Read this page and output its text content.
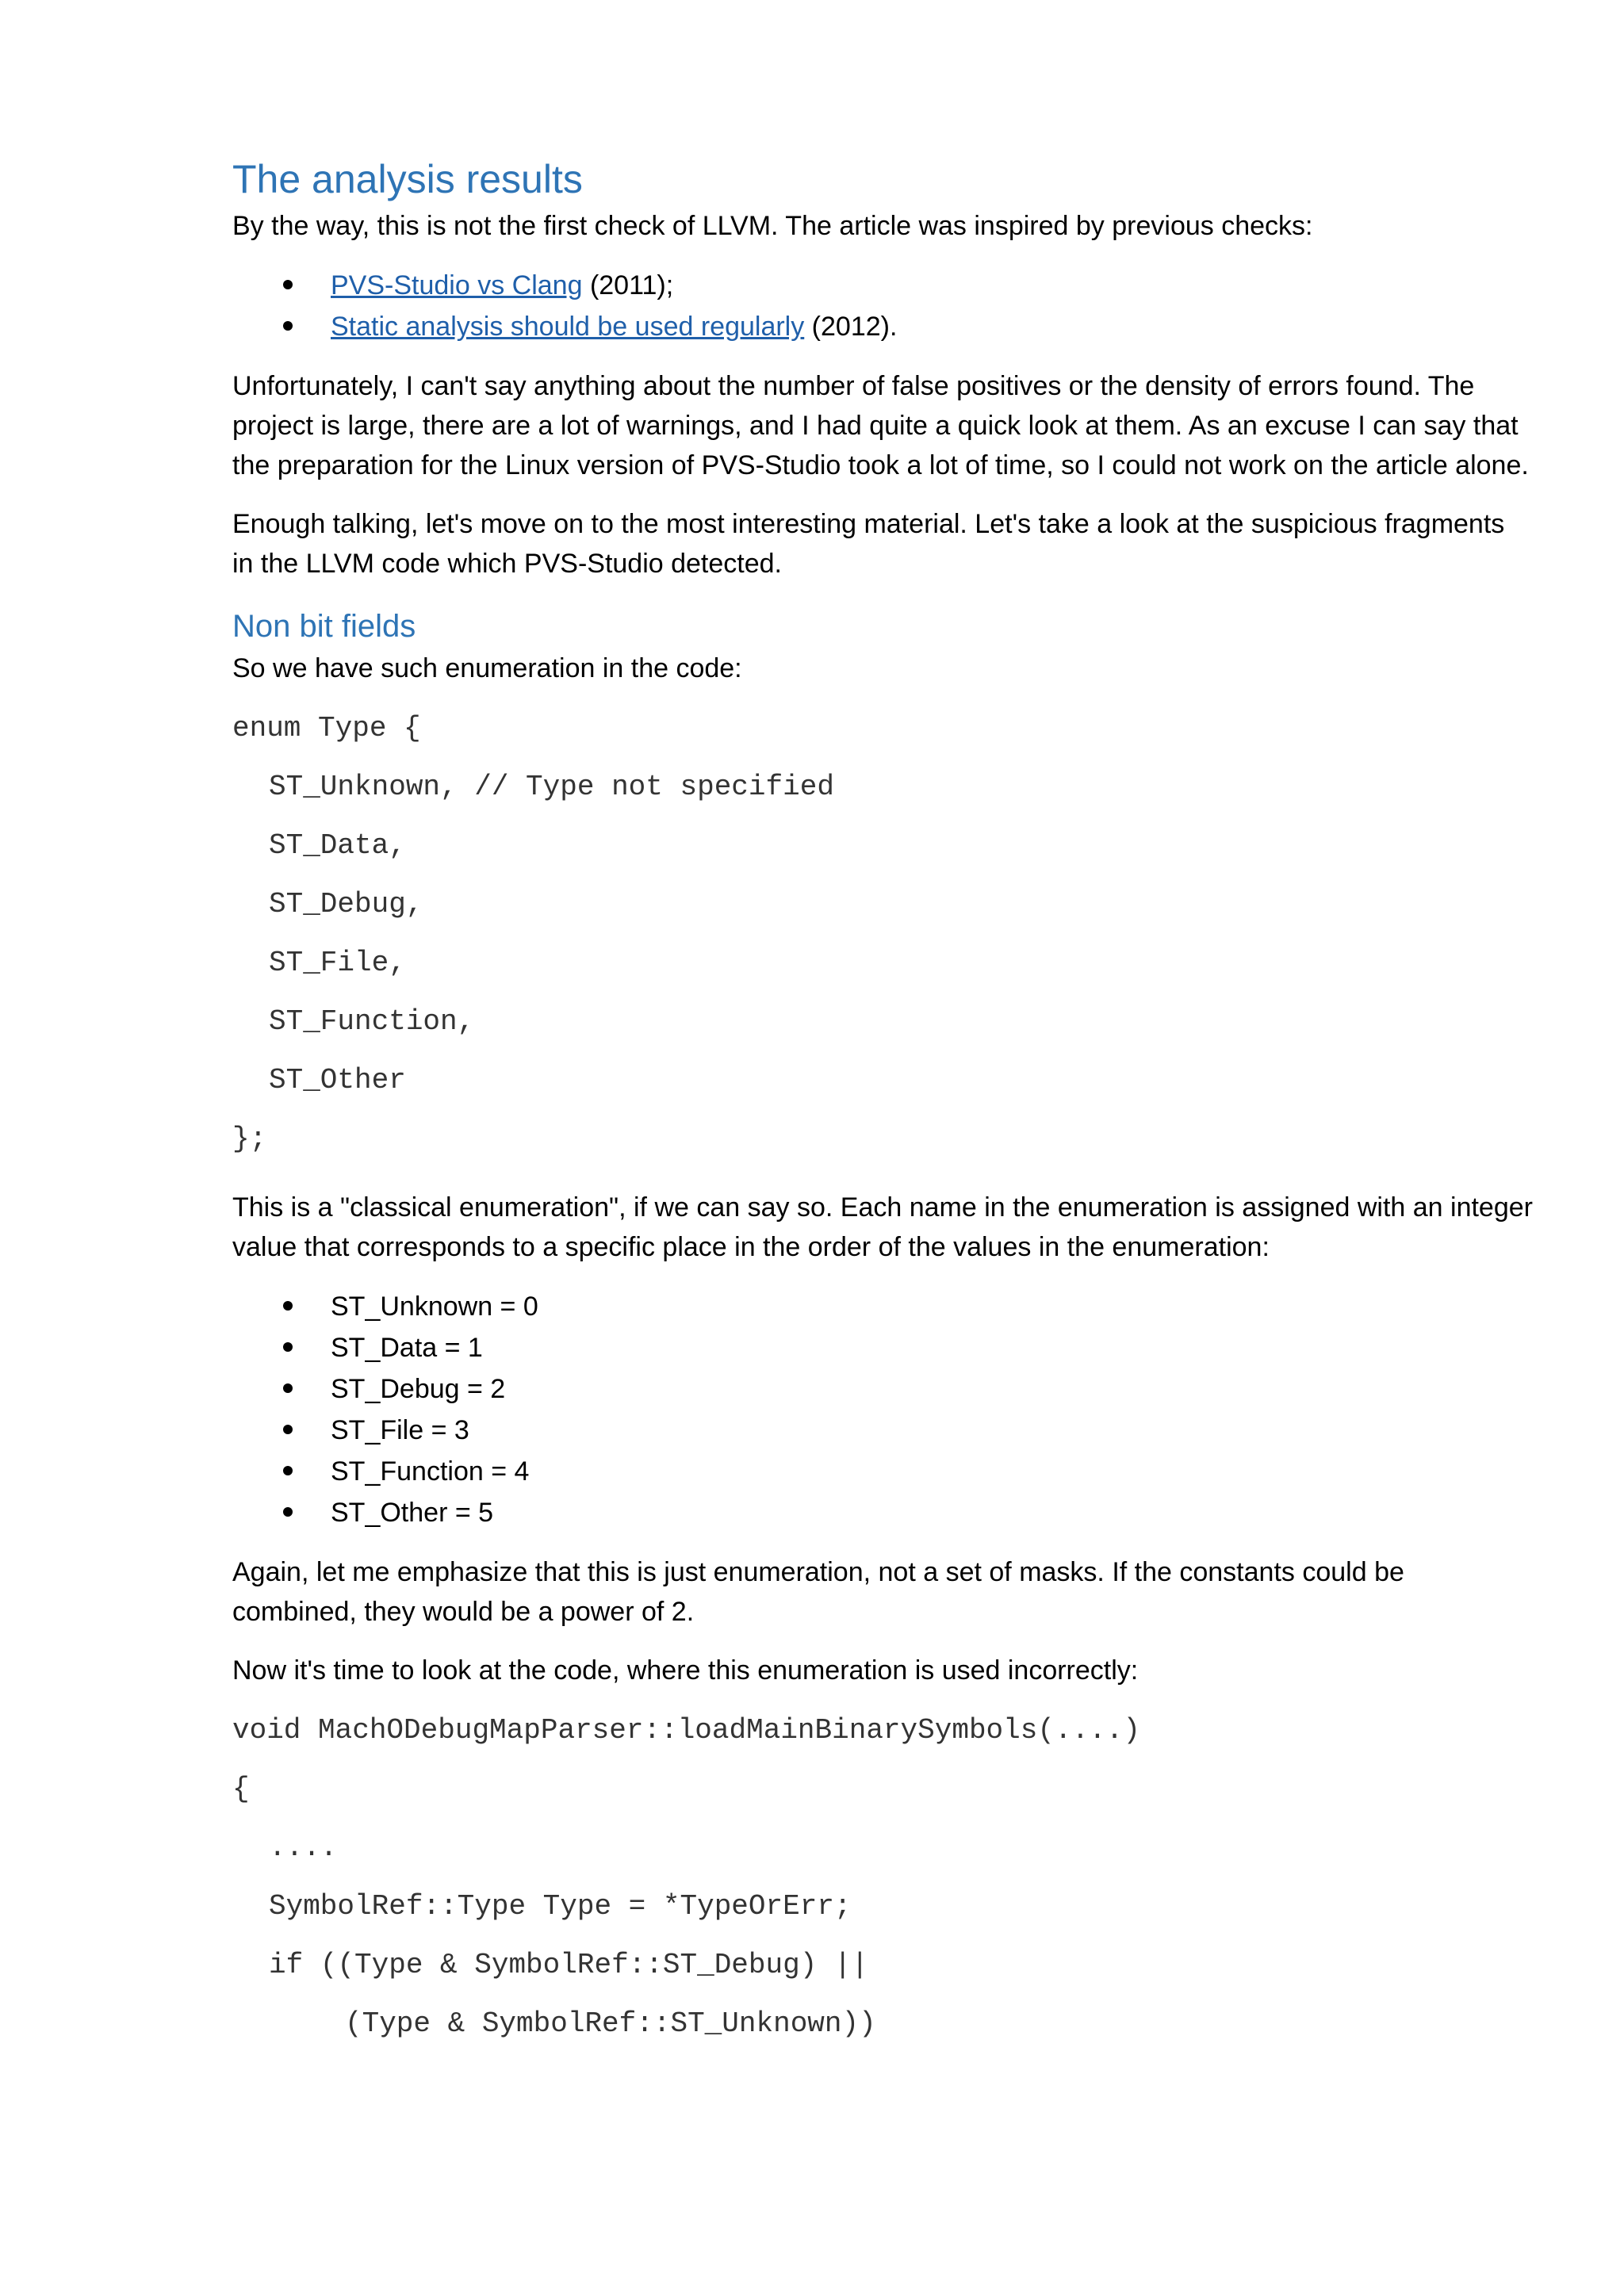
The analysis results

By the way, this is not the first check of LLVM. The article was inspired by previous checks:

PVS-Studio vs Clang (2011);
Static analysis should be used regularly (2012).

Unfortunately, I can't say anything about the number of false positives or the density of errors found. The project is large, there are a lot of warnings, and I had quite a quick look at them. As an excuse I can say that the preparation for the Linux version of PVS-Studio took a lot of time, so I could not work on the article alone.

Enough talking, let's move on to the most interesting material. Let's take a look at the suspicious fragments in the LLVM code which PVS-Studio detected.

Non bit fields

So we have such enumeration in the code:

enum Type {
ST_Unknown, // Type not specified
ST_Data,
ST_Debug,
ST_File,
ST_Function,
ST_Other
};

This is a "classical enumeration", if we can say so. Each name in the enumeration is assigned with an integer value that corresponds to a specific place in the order of the values in the enumeration:

ST_Unknown = 0
ST_Data = 1
ST_Debug = 2
ST_File = 3
ST_Function = 4
ST_Other = 5

Again, let me emphasize that this is just enumeration, not a set of masks. If the constants could be combined, they would be a power of 2.

Now it's time to look at the code, where this enumeration is used incorrectly:

void MachODebugMapParser::loadMainBinarySymbols(....)
{
....
SymbolRef::Type Type = *TypeOrErr;
if ((Type & SymbolRef::ST_Debug) ||
(Type & SymbolRef::ST_Unknown))
